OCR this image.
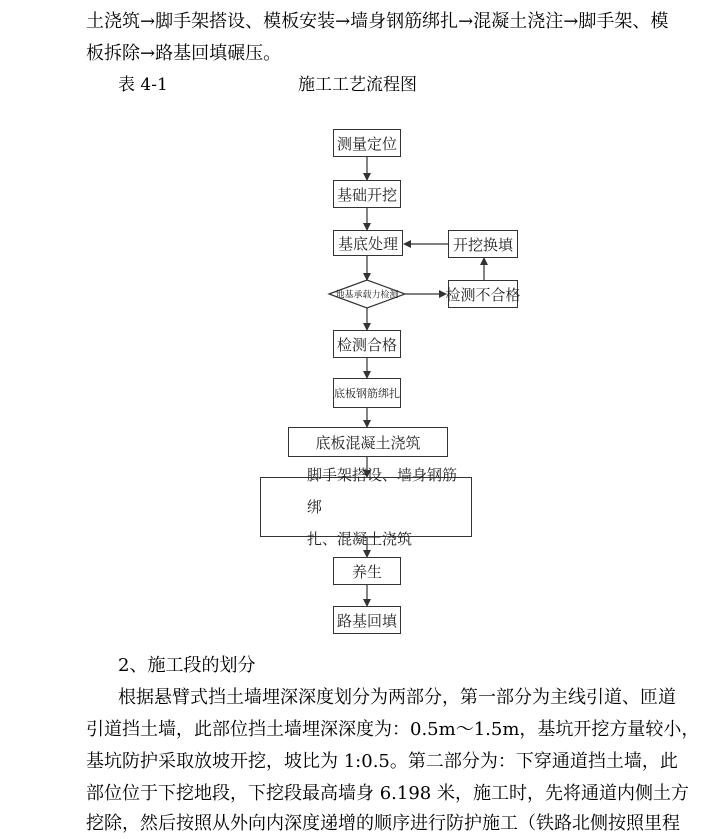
土浇筑→脚手架搭设、模板安装→墙身钢筋绑扎→混凝土浇注→脚手架、模
板拆除→路基回填碾压。
表 4-1	施工工艺流程图
地基承载力检测
测量定位
基础开挖
基底处理	开挖换填
检测不合格
检测合格
底板钢筋绑扎
底板混凝土浇筑
脚手架搭设、墙身钢筋绑
扎、混凝土浇筑
养生
路基回填
2、施工段的划分
根据悬臂式挡土墙埋深深度划分为两部分，第一部分为主线引道、匝道
引道挡土墙，此部位挡土墙埋深深度为：0.5m～1.5m，基坑开挖方量较小，
基坑防护采取放坡开挖，坡比为 1:0.5。第二部分为：下穿通道挡土墙，此
部位位于下挖地段，下挖段最高墙身 6.198 米，施工时，先将通道内侧土方
挖除，然后按照从外向内深度递增的顺序进行防护施工（铁路北侧按照里程
